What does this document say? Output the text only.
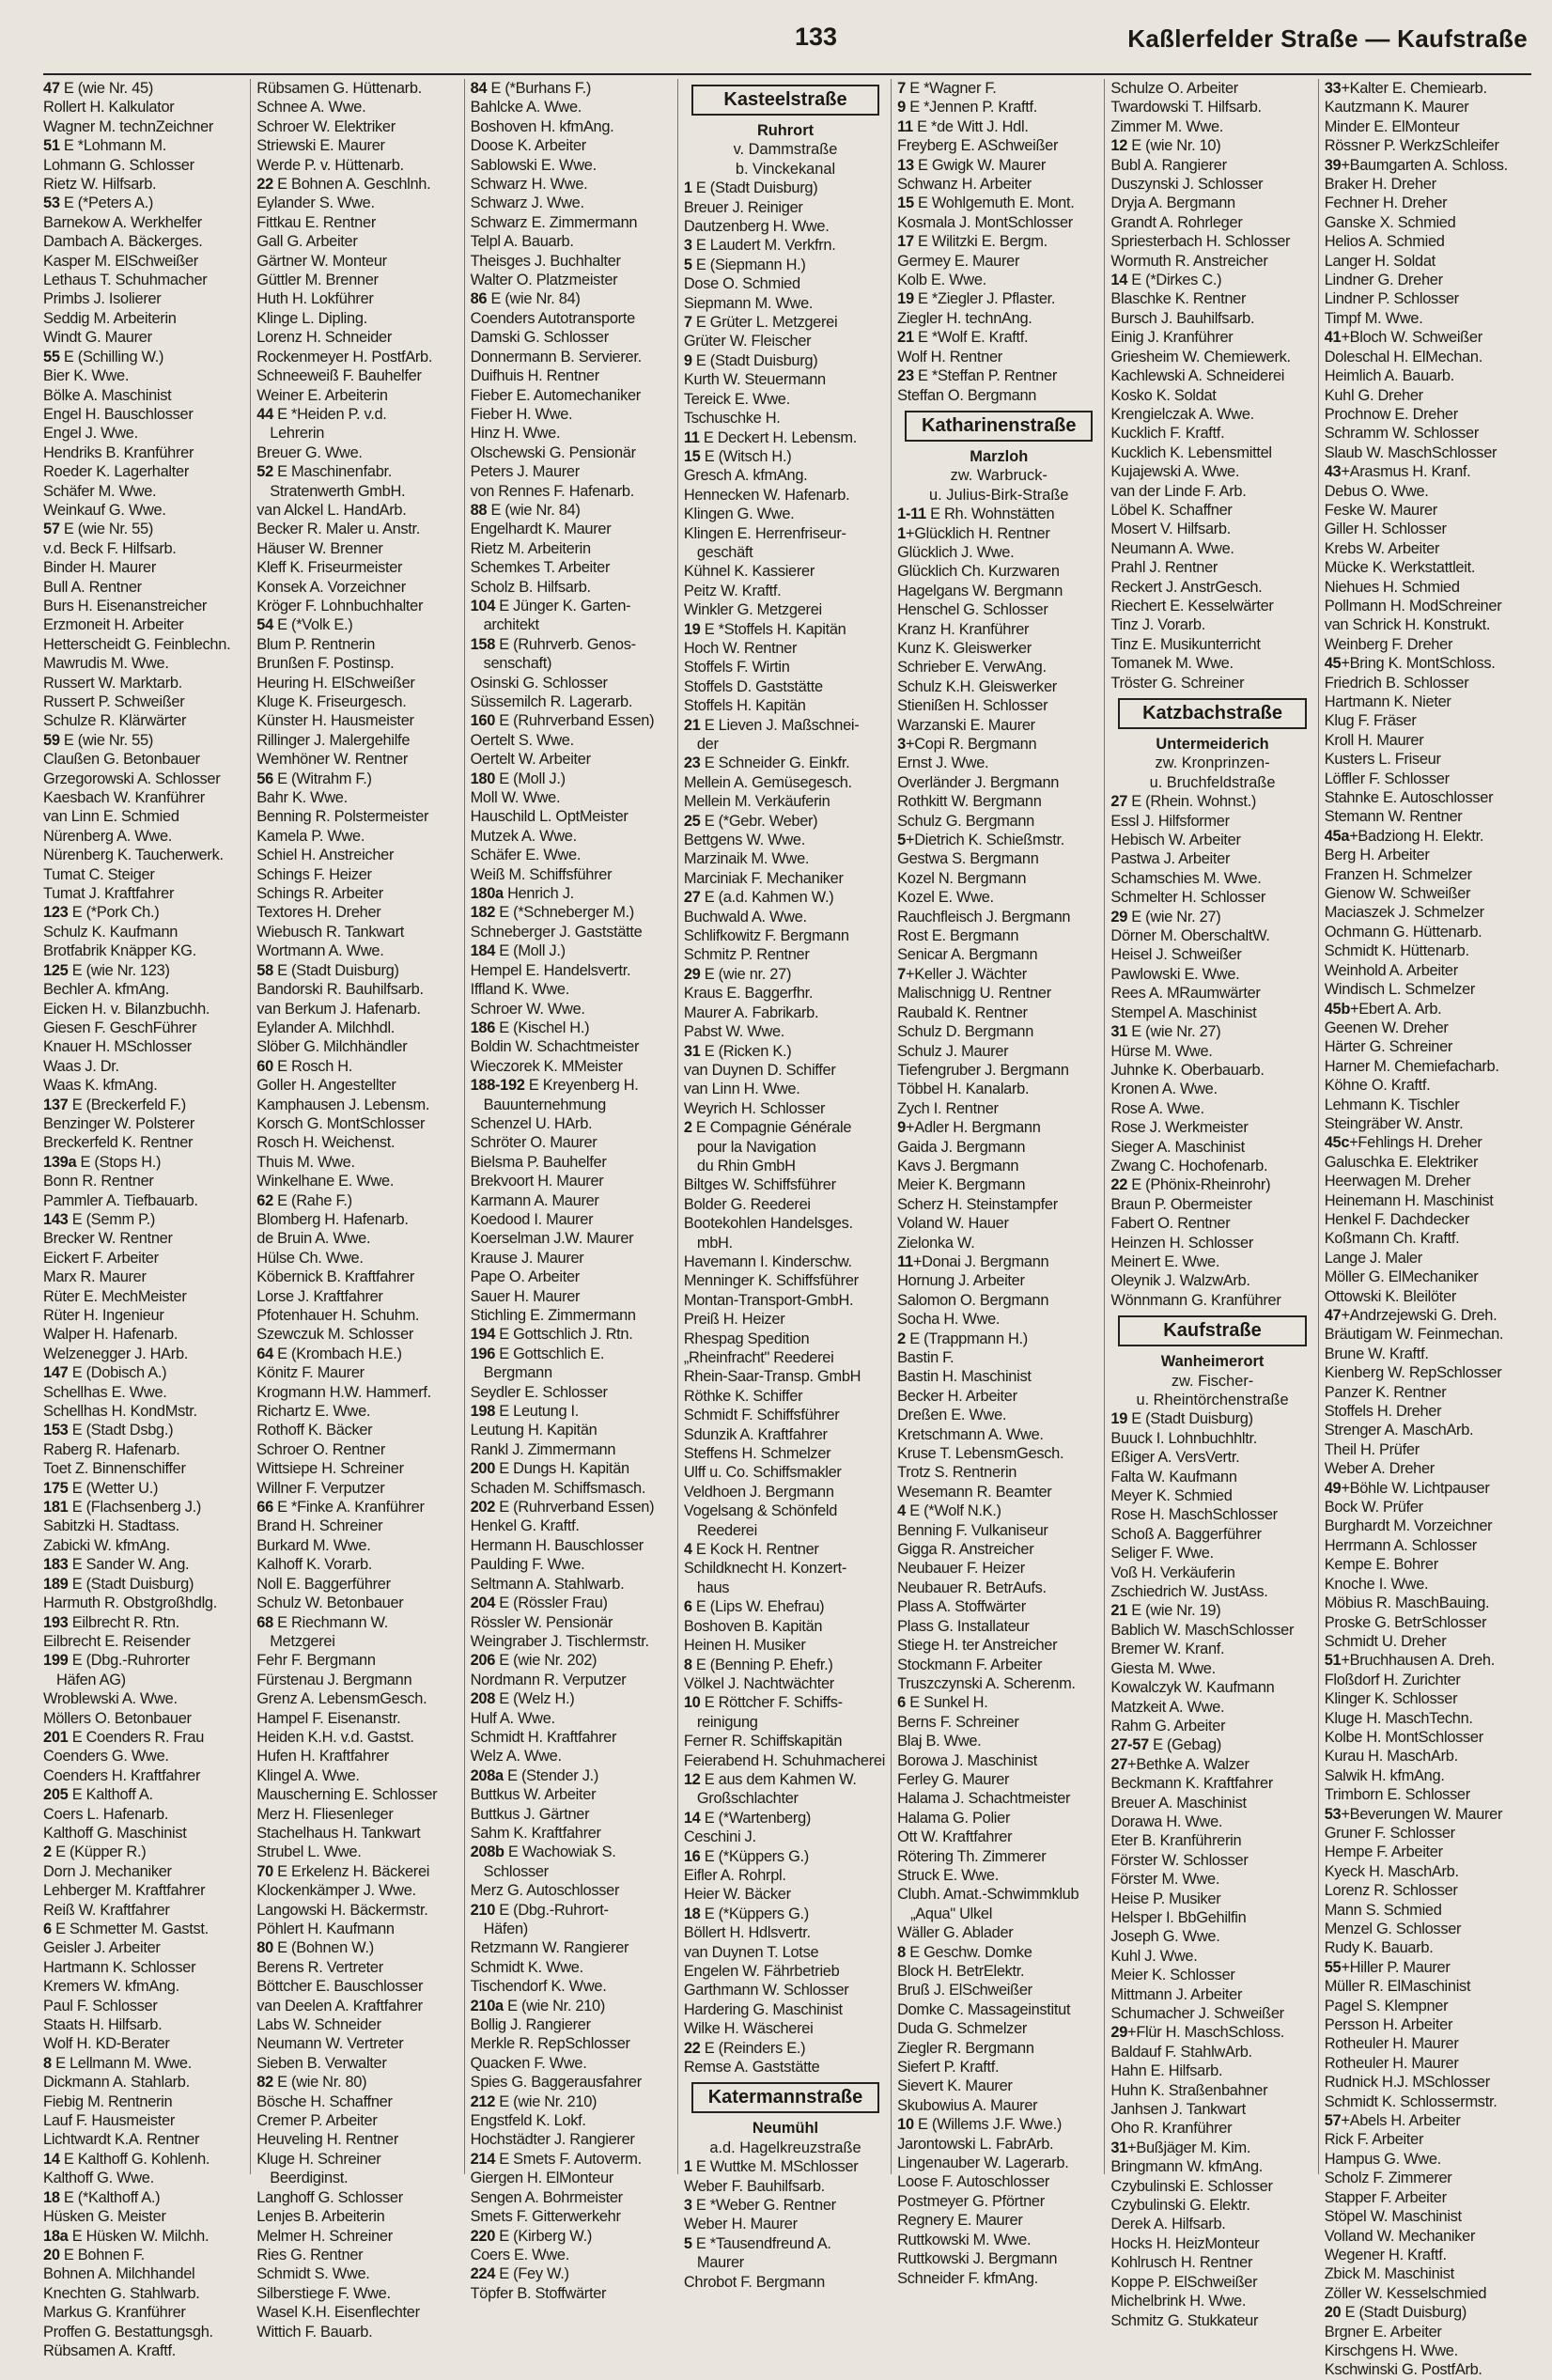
133	Kaßlerfelder Straße — Kaufstraße
47 E (wie Nr. 45)
Rollert H. Kalkulator
Wagner M. technZeichner
51 E *Lohmann M.
Lohmann G. Schlosser
Rietz W. Hilfsarb.
53 E (*Peters A.)
Barnekow A. Werkhelfer
Dambach A. Bäckerges.
Kasper M. ElSchweißer
Lethaus T. Schuhmacher
Primbs J. Isolierer
Seddig M. Arbeiterin
Windt G. Maurer
55 E (Schilling W.)
Bier K. Wwe.
Bölke A. Maschinist
Engel H. Bauschlosser
Engel J. Wwe.
Hendriks B. Kranführer
Roeder K. Lagerhalter
Schäfer M. Wwe.
Weinkauf G. Wwe.
57 E (wie Nr. 55)
v.d. Beck F. Hilfsarb.
Binder H. Maurer
Bull A. Rentner
Burs H. Eisenanstreicher
Erzmoneit H. Arbeiter
Hetterscheidt G. Feinblechn.
Mawrudis M. Wwe.
Russert W. Marktarb.
Russert P. Schweißer
Schulze R. Klärwärter
59 E (wie Nr. 55)
Claußen G. Betonbauer
Grzegorowski A. Schlosser
Kaesbach W. Kranführer
van Linn E. Schmied
Nürenberg A. Wwe.
Nürenberg K. Taucherwerk.
Tumat C. Steiger
Tumat J. Kraftfahrer
123 E (*Pork Ch.)
Schulz K. Kaufmann
Brotfabrik Knäpper KG.
125 E (wie Nr. 123)
Bechler A. kfmAng.
Eicken H. v. Bilanzbuchh.
Giesen F. GeschFührer
Knauer H. MSchlosser
Waas J. Dr.
Waas K. kfmAng.
137 E (Breckerfeld F.)
Benzinger W. Polsterer
Breckerfeld K. Rentner
139a E (Stops H.)
Bonn R. Rentner
Pammler A. Tiefbauarb.
143 E (Semm P.)
Brecker W. Rentner
Eickert F. Arbeiter
Marx R. Maurer
Rüter E. MechMeister
Rüter H. Ingenieur
Walper H. Hafenarb.
Welzenegger J. HArb.
147 E (Dobisch A.)
Schellhas E. Wwe.
Schellhas H. KondMstr.
153 E (Stadt Dsbg.)
Raberg R. Hafenarb.
Toet Z. Binnenschiffer
175 E (Wetter U.)
181 E (Flachsenberg J.)
Sabitzki H. Stadtass.
Zabicki W. kfmAng.
183 E Sander W. Ang.
189 E (Stadt Duisburg)
Harmuth R. Obstgroßhdlg.
193 Eilbrecht R. Rtn.
Eilbrecht E. Reisender
199 E (Dbg.-Ruhrorter
Häfen AG)
Wroblewski A. Wwe.
Möllers O. Betonbauer
201 E Coenders R. Frau
Coenders G. Wwe.
Coenders H. Kraftfahrer
205 E Kalthoff A.
Coers L. Hafenarb.
Kalthoff G. Maschinist
2 E (Küpper R.)
Dorn J. Mechaniker
Lehberger M. Kraftfahrer
Reiß W. Kraftfahrer
6 E Schmetter M. Gastst.
Geisler J. Arbeiter
Hartmann K. Schlosser
Kremers W. kfmAng.
Paul F. Schlosser
Staats H. Hilfsarb.
Wolf H. KD-Berater
8 E Lellmann M. Wwe.
Dickmann A. Stahlarb.
Fiebig M. Rentnerin
Lauf F. Hausmeister
Lichtwardt K.A. Rentner
14 E Kalthoff G. Kohlenh.
Kalthoff G. Wwe.
18 E (*Kalthoff A.)
Hüsken G. Meister
18a E Hüsken W. Milchh.
20 E Bohnen F.
Bohnen A. Milchhandel
Knechten G. Stahlwarb.
Markus G. Kranführer
Proffen G. Bestattungsgh.
Rübsamen A. Kraftf.
Rübsamen G. Hüttenarb.
Schnee A. Wwe.
Schroer W. Elektriker
Striewski E. Maurer
Werde P. v. Hüttenarb.
22 E Bohnen A. Geschlnh.
Eylander S. Wwe.
Fittkau E. Rentner
Gall G. Arbeiter
Gärtner W. Monteur
Güttler M. Brenner
Huth H. Lokführer
Klinge L. Dipling.
Lorenz H. Schneider
Rockenmeyer H. PostfArb.
Schneeweiß F. Bauhelfer
Weiner E. Arbeiterin
44 E *Heiden P. v.d.
Lehrerin
Breuer G. Wwe.
52 E Maschinenfabr.
Stratenwerth GmbH.
van Alckel L. HandArb.
Becker R. Maler u. Anstr.
Häuser W. Brenner
Kleff K. Friseurmeister
Konsek A. Vorzeichner
Kröger F. Lohnbuchhalter
54 E (*Volk E.)
Blum P. Rentnerin
Brunßen F. Postinsp.
Heuring H. ElSchweißer
Kluge K. Friseurgesch.
Künster H. Hausmeister
Rillinger J. Malergehilfe
Wemhöner W. Rentner
56 E (Witrahm F.)
Bahr K. Wwe.
Benning R. Polstermeister
Kamela P. Wwe.
Schiel H. Anstreicher
Schings F. Heizer
Schings R. Arbeiter
Textores H. Dreher
Wiebusch R. Tankwart
Wortmann A. Wwe.
58 E (Stadt Duisburg)
Bandorski R. Bauhilfsarb.
van Berkum J. Hafenarb.
Eylander A. Milchhdl.
Slöber G. Milchhändler
60 E Rosch H.
Goller H. Angestellter
Kamphausen J. Lebensm.
Korsch G. MontSchlosser
Rosch H. Weichenst.
Thuis M. Wwe.
Winkelhane E. Wwe.
62 E (Rahe F.)
Blomberg H. Hafenarb.
de Bruin A. Wwe.
Hülse Ch. Wwe.
Köbernick B. Kraftfahrer
Lorse J. Kraftfahrer
Pfotenhauer H. Schuhm.
Szewczuk M. Schlosser
64 E (Krombach H.E.)
Könitz F. Maurer
Krogmann H.W. Hammerf.
Richartz E. Wwe.
Rothoff K. Bäcker
Schroer O. Rentner
Wittsiepe H. Schreiner
Willner F. Verputzer
66 E *Finke A. Kranführer
Brand H. Schreiner
Burkard M. Wwe.
Kalhoff K. Vorarb.
Noll E. Baggerführer
Schulz W. Betonbauer
68 E Riechmann W.
Metzgerei
Fehr F. Bergmann
Fürstenau J. Bergmann
Grenz A. LebensmGesch.
Hampel F. Eisenanstr.
Heiden K.H. v.d. Gastst.
Hufen H. Kraftfahrer
Klingel A. Wwe.
Mauscherning E. Schlosser
Merz H. Fliesenleger
Stachelhaus H. Tankwart
Strubel L. Wwe.
70 E Erkelenz H. Bäckerei
Klockenkämper J. Wwe.
Langowski H. Bäckermstr.
Pöhlert H. Kaufmann
80 E (Bohnen W.)
Berens R. Vertreter
Böttcher E. Bauschlosser
van Deelen A. Kraftfahrer
Labs W. Schneider
Neumann W. Vertreter
Sieben B. Verwalter
82 E (wie Nr. 80)
Bösche H. Schaffner
Cremer P. Arbeiter
Heuveling H. Rentner
Kluge H. Schreiner
Beerdiginst.
Langhoff G. Schlosser
Lenjes B. Arbeiterin
Melmer H. Schreiner
Ries G. Rentner
Schmidt S. Wwe.
Silberstiege F. Wwe.
Wasel K.H. Eisenflechter
Wittich F. Bauarb.
84 E (*Burhans F.)
Bahlcke A. Wwe.
Boshoven H. kfmAng.
Doose K. Arbeiter
Sablowski E. Wwe.
Schwarz H. Wwe.
Schwarz J. Wwe.
Schwarz E. Zimmermann
Telpl A. Bauarb.
Theisges J. Buchhalter
Walter O. Platzmeister
86 E (wie Nr. 84)
Coenders Autotransporte
Damski G. Schlosser
Donnermann B. Servierer.
Duifhuis H. Rentner
Fieber E. Automechaniker
Fieber H. Wwe.
Hinz H. Wwe.
Olschewski G. Pensionär
Peters J. Maurer
von Rennes F. Hafenarb.
88 E (wie Nr. 84)
Engelhardt K. Maurer
Rietz M. Arbeiterin
Schemkes T. Arbeiter
Scholz B. Hilfsarb.
104 E Jünger K. Garten-
architekt
158 E (Ruhrverb. Genos-
senschaft)
Osinski G. Schlosser
Süssemilch R. Lagerarb.
160 E (Ruhrverband Essen)
Oertelt S. Wwe.
Oertelt W. Arbeiter
180 E (Moll J.)
Moll W. Wwe.
Hauschild L. OptMeister
Mutzek A. Wwe.
Schäfer E. Wwe.
Weiß M. Schiffsführer
180a Henrich J.
182 E (*Schneberger M.)
Schneberger J. Gaststätte
184 E (Moll J.)
Hempel E. Handelsvertr.
Iffland K. Wwe.
Schroer W. Wwe.
186 E (Kischel H.)
Boldin W. Schachtmeister
Wieczorek K. MMeister
188-192 E Kreyenberg H.
Bauunternehmung
Schenzel U. HArb.
Schröter O. Maurer
Bielsma P. Bauhelfer
Brekvoort H. Maurer
Karmann A. Maurer
Koedood I. Maurer
Koerselman J.W. Maurer
Krause J. Maurer
Pape O. Arbeiter
Sauer H. Maurer
Stichling E. Zimmermann
194 E Gottschlich J. Rtn.
196 E Gottschlich E.
Bergmann
Seydler E. Schlosser
198 E Leutung I.
Leutung H. Kapitän
Rankl J. Zimmermann
200 E Dungs H. Kapitän
Schaden M. Schiffsmasch.
202 E (Ruhrverband Essen)
Henkel G. Kraftf.
Hermann H. Bauschlosser
Paulding F. Wwe.
Seltmann A. Stahlwarb.
204 E (Rössler Frau)
Rössler W. Pensionär
Weingraber J. Tischlermstr.
206 E (wie Nr. 202)
Nordmann R. Verputzer
208 E (Welz H.)
Hulf A. Wwe.
Schmidt H. Kraftfahrer
Welz A. Wwe.
208a E (Stender J.)
Buttkus W. Arbeiter
Buttkus J. Gärtner
Sahm K. Kraftfahrer
208b E Wachowiak S.
Schlosser
Merz G. Autoschlosser
210 E (Dbg.-Ruhrort-
Häfen)
Retzmann W. Rangierer
Schmidt K. Wwe.
Tischendorf K. Wwe.
210a E (wie Nr. 210)
Bollig J. Rangierer
Merkle R. RepSchlosser
Quacken F. Wwe.
Spies G. Baggerausfahrer
212 E (wie Nr. 210)
Engstfeld K. Lokf.
Hochstädter J. Rangierer
214 E Smets F. Autoverm.
Giergen H. ElMonteur
Sengen A. Bohrmeister
Smets F. Gitterwerkehr
220 E (Kirberg W.)
Coers E. Wwe.
224 E (Fey W.)
Töpfer B. Stoffwärter
Kasteelstraße
Ruhrort
v. Dammstraße
b. Vinckekanal
1 E (Stadt Duisburg)
Breuer J. Reiniger
Dautzenberg H. Wwe.
3 E Laudert M. Verkfrn.
5 E (Siepmann H.)
Dose O. Schmied
Siepmann M. Wwe.
7 E Grüter L. Metzgerei
Grüter W. Fleischer
9 E (Stadt Duisburg)
Kurth W. Steuermann
Tereick E. Wwe.
Tschuschke H.
11 E Deckert H. Lebensm.
15 E (Witsch H.)
Gresch A. kfmAng.
Hennecken W. Hafenarb.
Klingen G. Wwe.
Klingen E. Herrenfriseur-
geschäft
Kühnel K. Kassierer
Peitz W. Kraftf.
Winkler G. Metzgerei
19 E *Stoffels H. Kapitän
Hoch W. Rentner
Stoffels F. Wirtin
Stoffels D. Gaststätte
Stoffels H. Kapitän
21 E Lieven J. Maßschnei-
der
23 E Schneider G. Einkfr.
Mellein A. Gemüsegesch.
Mellein M. Verkäuferin
25 E (*Gebr. Weber)
Bettgens W. Wwe.
Marzinaik M. Wwe.
Marciniak F. Mechaniker
27 E (a.d. Kahmen W.)
Buchwald A. Wwe.
Schlifkowitz F. Bergmann
Schmitz P. Rentner
29 E (wie nr. 27)
Kraus E. Baggerfhr.
Maurer A. Fabrikarb.
Pabst W. Wwe.
31 E (Ricken K.)
van Duynen D. Schiffer
van Linn H. Wwe.
Weyrich H. Schlosser
2 E Compagnie Générale
pour la Navigation
du Rhin GmbH
Biltges W. Schiffsführer
Bolder G. Reederei
Bootekohlen Handelsges.
mbH.
Havemann I. Kinderschw.
Menninger K. Schiffsführer
Montan-Transport-GmbH.
Preiß H. Heizer
Rhespag Spedition
„Rheinfracht" Reederei
Rhein-Saar-Transp. GmbH
Röthke K. Schiffer
Schmidt F. Schiffsführer
Sdunzik A. Kraftfahrer
Steffens H. Schmelzer
Ulff u. Co. Schiffsmakler
Veldhoen J. Bergmann
Vogelsang & Schönfeld
Reederei
4 E Kock H. Rentner
Schildknecht H. Konzert-
haus
6 E (Lips W. Ehefrau)
Boshoven B. Kapitän
Heinen H. Musiker
8 E (Benning P. Ehefr.)
Völkel J. Nachtwächter
10 E Röttcher F. Schiffs-
reinigung
Ferner R. Schiffskapitän
Feierabend H. Schuhmacherei
12 E aus dem Kahmen W.
Großschlachter
14 E (*Wartenberg)
Ceschini J.
16 E (*Küppers G.)
Eifler A. Rohrpl.
Heier W. Bäcker
18 E (*Küppers G.)
Böllert H. Hdlsvertr.
van Duynen T. Lotse
Engelen W. Fährbetrieb
Garthmann W. Schlosser
Hardering G. Maschinist
Wilke H. Wäscherei
22 E (Reinders E.)
Remse A. Gaststätte
Katermannstraße
Neumühl
a.d. Hagelkreuzstraße
1 E Wuttke M. MSchlosser
Weber F. Bauhilfsarb.
3 E *Weber G. Rentner
Weber H. Maurer
5 E *Tausendfreund A.
Maurer
Chrobot F. Bergmann
7 E *Wagner F.
9 E *Jennen P. Kraftf.
11 E *de Witt J. Hdl.
Freyberg E. ASchweißer
13 E Gwigk W. Maurer
Schwanz H. Arbeiter
15 E Wohlgemuth E. Mont.
Kosmala J. MontSchlosser
17 E Wilitzki E. Bergm.
Germey E. Maurer
Kolb E. Wwe.
19 E *Ziegler J. Pflaster.
Ziegler H. technAng.
21 E *Wolf E. Kraftf.
Wolf H. Rentner
23 E *Steffan P. Rentner
Steffan O. Bergmann
Katharinenstraße
Marzloh
zw. Warbruck-
u. Julius-Birk-Straße
1-11 E Rh. Wohnstätten
1+Glücklich H. Rentner
Glücklich J. Wwe.
Glücklich Ch. Kurzwaren
Hagelgans W. Bergmann
Henschel G. Schlosser
Kranz H. Kranführer
Kunz K. Gleiswerker
Schrieber E. VerwAng.
Schulz K.H. Gleiswerker
Stienißen H. Schlosser
Warzanski E. Maurer
3+Copi R. Bergmann
Ernst J. Wwe.
Overländer J. Bergmann
Rothkitt W. Bergmann
Schulz G. Bergmann
5+Dietrich K. Schießmstr.
Gestwa S. Bergmann
Kozel N. Bergmann
Kozel E. Wwe.
Rauchfleisch J. Bergmann
Rost E. Bergmann
Senicar A. Bergmann
7+Keller J. Wächter
Malischnigg U. Rentner
Raubald K. Rentner
Schulz D. Bergmann
Schulz J. Maurer
Tiefengruber J. Bergmann
Többel H. Kanalarb.
Zych I. Rentner
9+Adler H. Bergmann
Gaida J. Bergmann
Kavs J. Bergmann
Meier K. Bergmann
Scherz H. Steinstampfer
Voland W. Hauer
Zielonka W.
11+Donai J. Bergmann
Hornung J. Arbeiter
Salomon O. Bergmann
Socha H. Wwe.
2 E (Trappmann H.)
Bastin F.
Bastin H. Maschinist
Becker H. Arbeiter
Dreßen E. Wwe.
Kretschmann A. Wwe.
Kruse T. LebensmGesch.
Trotz S. Rentnerin
Wesemann R. Beamter
4 E (*Wolf N.K.)
Benning F. Vulkaniseur
Gigga R. Anstreicher
Neubauer F. Heizer
Neubauer R. BetrAufs.
Plass A. Stoffwärter
Plass G. Installateur
Stiege H. ter Anstreicher
Stockmann F. Arbeiter
Truszczynski A. Scherenm.
6 E Sunkel H.
Berns F. Schreiner
Blaj B. Wwe.
Borowa J. Maschinist
Ferley G. Maurer
Halama J. Schachtmeister
Halama G. Polier
Ott W. Kraftfahrer
Rötering Th. Zimmerer
Struck E. Wwe.
Clubh. Amat.-Schwimmklub
„Aqua" Ulkel
Wäller G. Ablader
8 E Geschw. Domke
Block H. BetrElektr.
Bruß J. ElSchweißer
Domke C. Massageinstitut
Duda G. Schmelzer
Ziegler R. Bergmann
Siefert P. Kraftf.
Sievert K. Maurer
Skubowius A. Maurer
10 E (Willems J.F. Wwe.)
Jarontowski L. FabrArb.
Lingenauber W. Lagerarb.
Loose F. Autoschlosser
Postmeyer G. Pförtner
Regnery E. Maurer
Ruttkowski M. Wwe.
Ruttkowski J. Bergmann
Schneider F. kfmAng.
Schulze O. Arbeiter
Twardowski T. Hilfsarb.
Zimmer M. Wwe.
12 E (wie Nr. 10)
Bubl A. Rangierer
Duszynski J. Schlosser
Dryja A. Bergmann
Grandt A. Rohrleger
Spriesterbach H. Schlosser
Wormuth R. Anstreicher
14 E (*Dirkes C.)
Blaschke K. Rentner
Bursch J. Bauhilfsarb.
Einig J. Kranführer
Griesheim W. Chemiewerk.
Kachlewski A. Schneiderei
Kosko K. Soldat
Krengielczak A. Wwe.
Kucklich F. Kraftf.
Kucklich K. Lebensmittel
Kujajewski A. Wwe.
van der Linde F. Arb.
Löbel K. Schaffner
Mosert V. Hilfsarb.
Neumann A. Wwe.
Prahl J. Rentner
Reckert J. AnstrGesch.
Riechert E. Kesselwärter
Tinz J. Vorarb.
Tinz E. Musikunterricht
Tomanek M. Wwe.
Tröster G. Schreiner
Katzbachstraße
Untermeiderich
zw. Kronprinzen-
u. Bruchfeldstraße
27 E (Rhein. Wohnst.)
Essl J. Hilfsformer
Hebisch W. Arbeiter
Pastwa J. Arbeiter
Schamschies M. Wwe.
Schmelter H. Schlosser
29 E (wie Nr. 27)
Dörner M. OberschaltW.
Heisel J. Schweißer
Pawlowski E. Wwe.
Rees A. MRaumwärter
Stempel A. Maschinist
31 E (wie Nr. 27)
Hürse M. Wwe.
Juhnke K. Oberbauarb.
Kronen A. Wwe.
Rose A. Wwe.
Rose J. Werkmeister
Sieger A. Maschinist
Zwang C. Hochofenarb.
22 E (Phönix-Rheinrohr)
Braun P. Obermeister
Fabert O. Rentner
Heinzen H. Schlosser
Meinert E. Wwe.
Oleynik J. WalzwArb.
Wönnmann G. Kranführer
Kaufstraße
Wanheimerort
zw. Fischer-
u. Rheintörchenstraße
19 E (Stadt Duisburg)
Buuck I. Lohnbuchhltr.
Eßiger A. VersVertr.
Falta W. Kaufmann
Meyer K. Schmied
Rose H. MaschSchlosser
Schoß A. Baggerführer
Seliger F. Wwe.
Voß H. Verkäuferin
Zschiedrich W. JustAss.
21 E (wie Nr. 19)
Bablich W. MaschSchlosser
Bremer W. Kranf.
Giesta M. Wwe.
Kowalczyk W. Kaufmann
Matzkeit A. Wwe.
Rahm G. Arbeiter
27-57 E (Gebag)
27+Bethke A. Walzer
Beckmann K. Kraftfahrer
Breuer A. Maschinist
Dorawa H. Wwe.
Eter B. Kranführerin
Förster W. Schlosser
Förster M. Wwe.
Heise P. Musiker
Helsper I. BbGehilfin
Joseph G. Wwe.
Kuhl J. Wwe.
Meier K. Schlosser
Mittmann J. Arbeiter
Schumacher J. Schweißer
29+Flür H. MaschSchloss.
Baldauf F. StahlwArb.
Hahn E. Hilfsarb.
Huhn K. Straßenbahner
Janhsen J. Tankwart
Oho R. Kranführer
31+Bußjäger M. Kim.
Bringmann W. kfmAng.
Czybulinski E. Schlosser
Czybulinski G. Elektr.
Derek A. Hilfsarb.
Hocks H. HeizMonteur
Kohlrusch H. Rentner
Koppe P. ElSchweißer
Michelbrink H. Wwe.
Schmitz G. Stukkateur
33+Kalter E. Chemiearb.
Kautzmann K. Maurer
Minder E. ElMonteur
Rössner P. WerkzSchleifer
39+Baumgarten A. Schloss.
Braker H. Dreher
Fechner H. Dreher
Ganske X. Schmied
Helios A. Schmied
Langer H. Soldat
Lindner G. Dreher
Lindner P. Schlosser
Timpf M. Wwe.
41+Bloch W. Schweißer
Doleschal H. ElMechan.
Heimlich A. Bauarb.
Kuhl G. Dreher
Prochnow E. Dreher
Schramm W. Schlosser
Slaub W. MaschSchlosser
43+Arasmus H. Kranf.
Debus O. Wwe.
Feske W. Maurer
Giller H. Schlosser
Krebs W. Arbeiter
Mücke K. Werkstattleit.
Niehues H. Schmied
Pollmann H. ModSchreiner
van Schrick H. Konstrukt.
Weinberg F. Dreher
45+Bring K. MontSchloss.
Friedrich B. Schlosser
Hartmann K. Nieter
Klug F. Fräser
Kroll H. Maurer
Kusters L. Friseur
Löffler F. Schlosser
Stahnke E. Autoschlosser
Stemann W. Rentner
45a+Badziong H. Elektr.
Berg H. Arbeiter
Franzen H. Schmelzer
Gienow W. Schweißer
Maciaszek J. Schmelzer
Ochmann G. Hüttenarb.
Schmidt K. Hüttenarb.
Weinhold A. Arbeiter
Windisch L. Schmelzer
45b+Ebert A. Arb.
Geenen W. Dreher
Härter G. Schreiner
Harner M. Chemiefacharb.
Köhne O. Kraftf.
Lehmann K. Tischler
Steingräber W. Anstr.
45c+Fehlings H. Dreher
Galuschka E. Elektriker
Heerwagen M. Dreher
Heinemann H. Maschinist
Henkel F. Dachdecker
Koßmann Ch. Kraftf.
Lange J. Maler
Möller G. ElMechaniker
Ottowski K. Bleilöter
47+Andrzejewski G. Dreh.
Bräutigam W. Feinmechan.
Brune W. Kraftf.
Kienberg W. RepSchlosser
Panzer K. Rentner
Stoffels H. Dreher
Strenger A. MaschArb.
Theil H. Prüfer
Weber A. Dreher
49+Böhle W. Lichtpauser
Bock W. Prüfer
Burghardt M. Vorzeichner
Herrmann A. Schlosser
Kempe E. Bohrer
Knoche I. Wwe.
Möbius R. MaschBauing.
Proske G. BetrSchlosser
Schmidt U. Dreher
51+Bruchhausen A. Dreh.
Floßdorf H. Zurichter
Klinger K. Schlosser
Kluge H. MaschTechn.
Kolbe H. MontSchlosser
Kurau H. MaschArb.
Salwik H. kfmAng.
Trimborn E. Schlosser
53+Beverungen W. Maurer
Gruner F. Schlosser
Hempe F. Arbeiter
Kyeck H. MaschArb.
Lorenz R. Schlosser
Mann S. Schmied
Menzel G. Schlosser
Rudy K. Bauarb.
55+Hiller P. Maurer
Müller R. ElMaschinist
Pagel S. Klempner
Persson H. Arbeiter
Rotheuler H. Maurer
Rotheuler H. Maurer
Rudnick H.J. MSchlosser
Schmidt K. Schlossermstr.
57+Abels H. Arbeiter
Rick F. Arbeiter
Hampus G. Wwe.
Scholz F. Zimmerer
Stapper F. Arbeiter
Stöpel W. Maschinist
Volland W. Mechaniker
Wegener H. Kraftf.
Zbick M. Maschinist
Zöller W. Kesselschmied
20 E (Stadt Duisburg)
Brgner E. Arbeiter
Kirschgens H. Wwe.
Kschwinski G. PostfArb.
